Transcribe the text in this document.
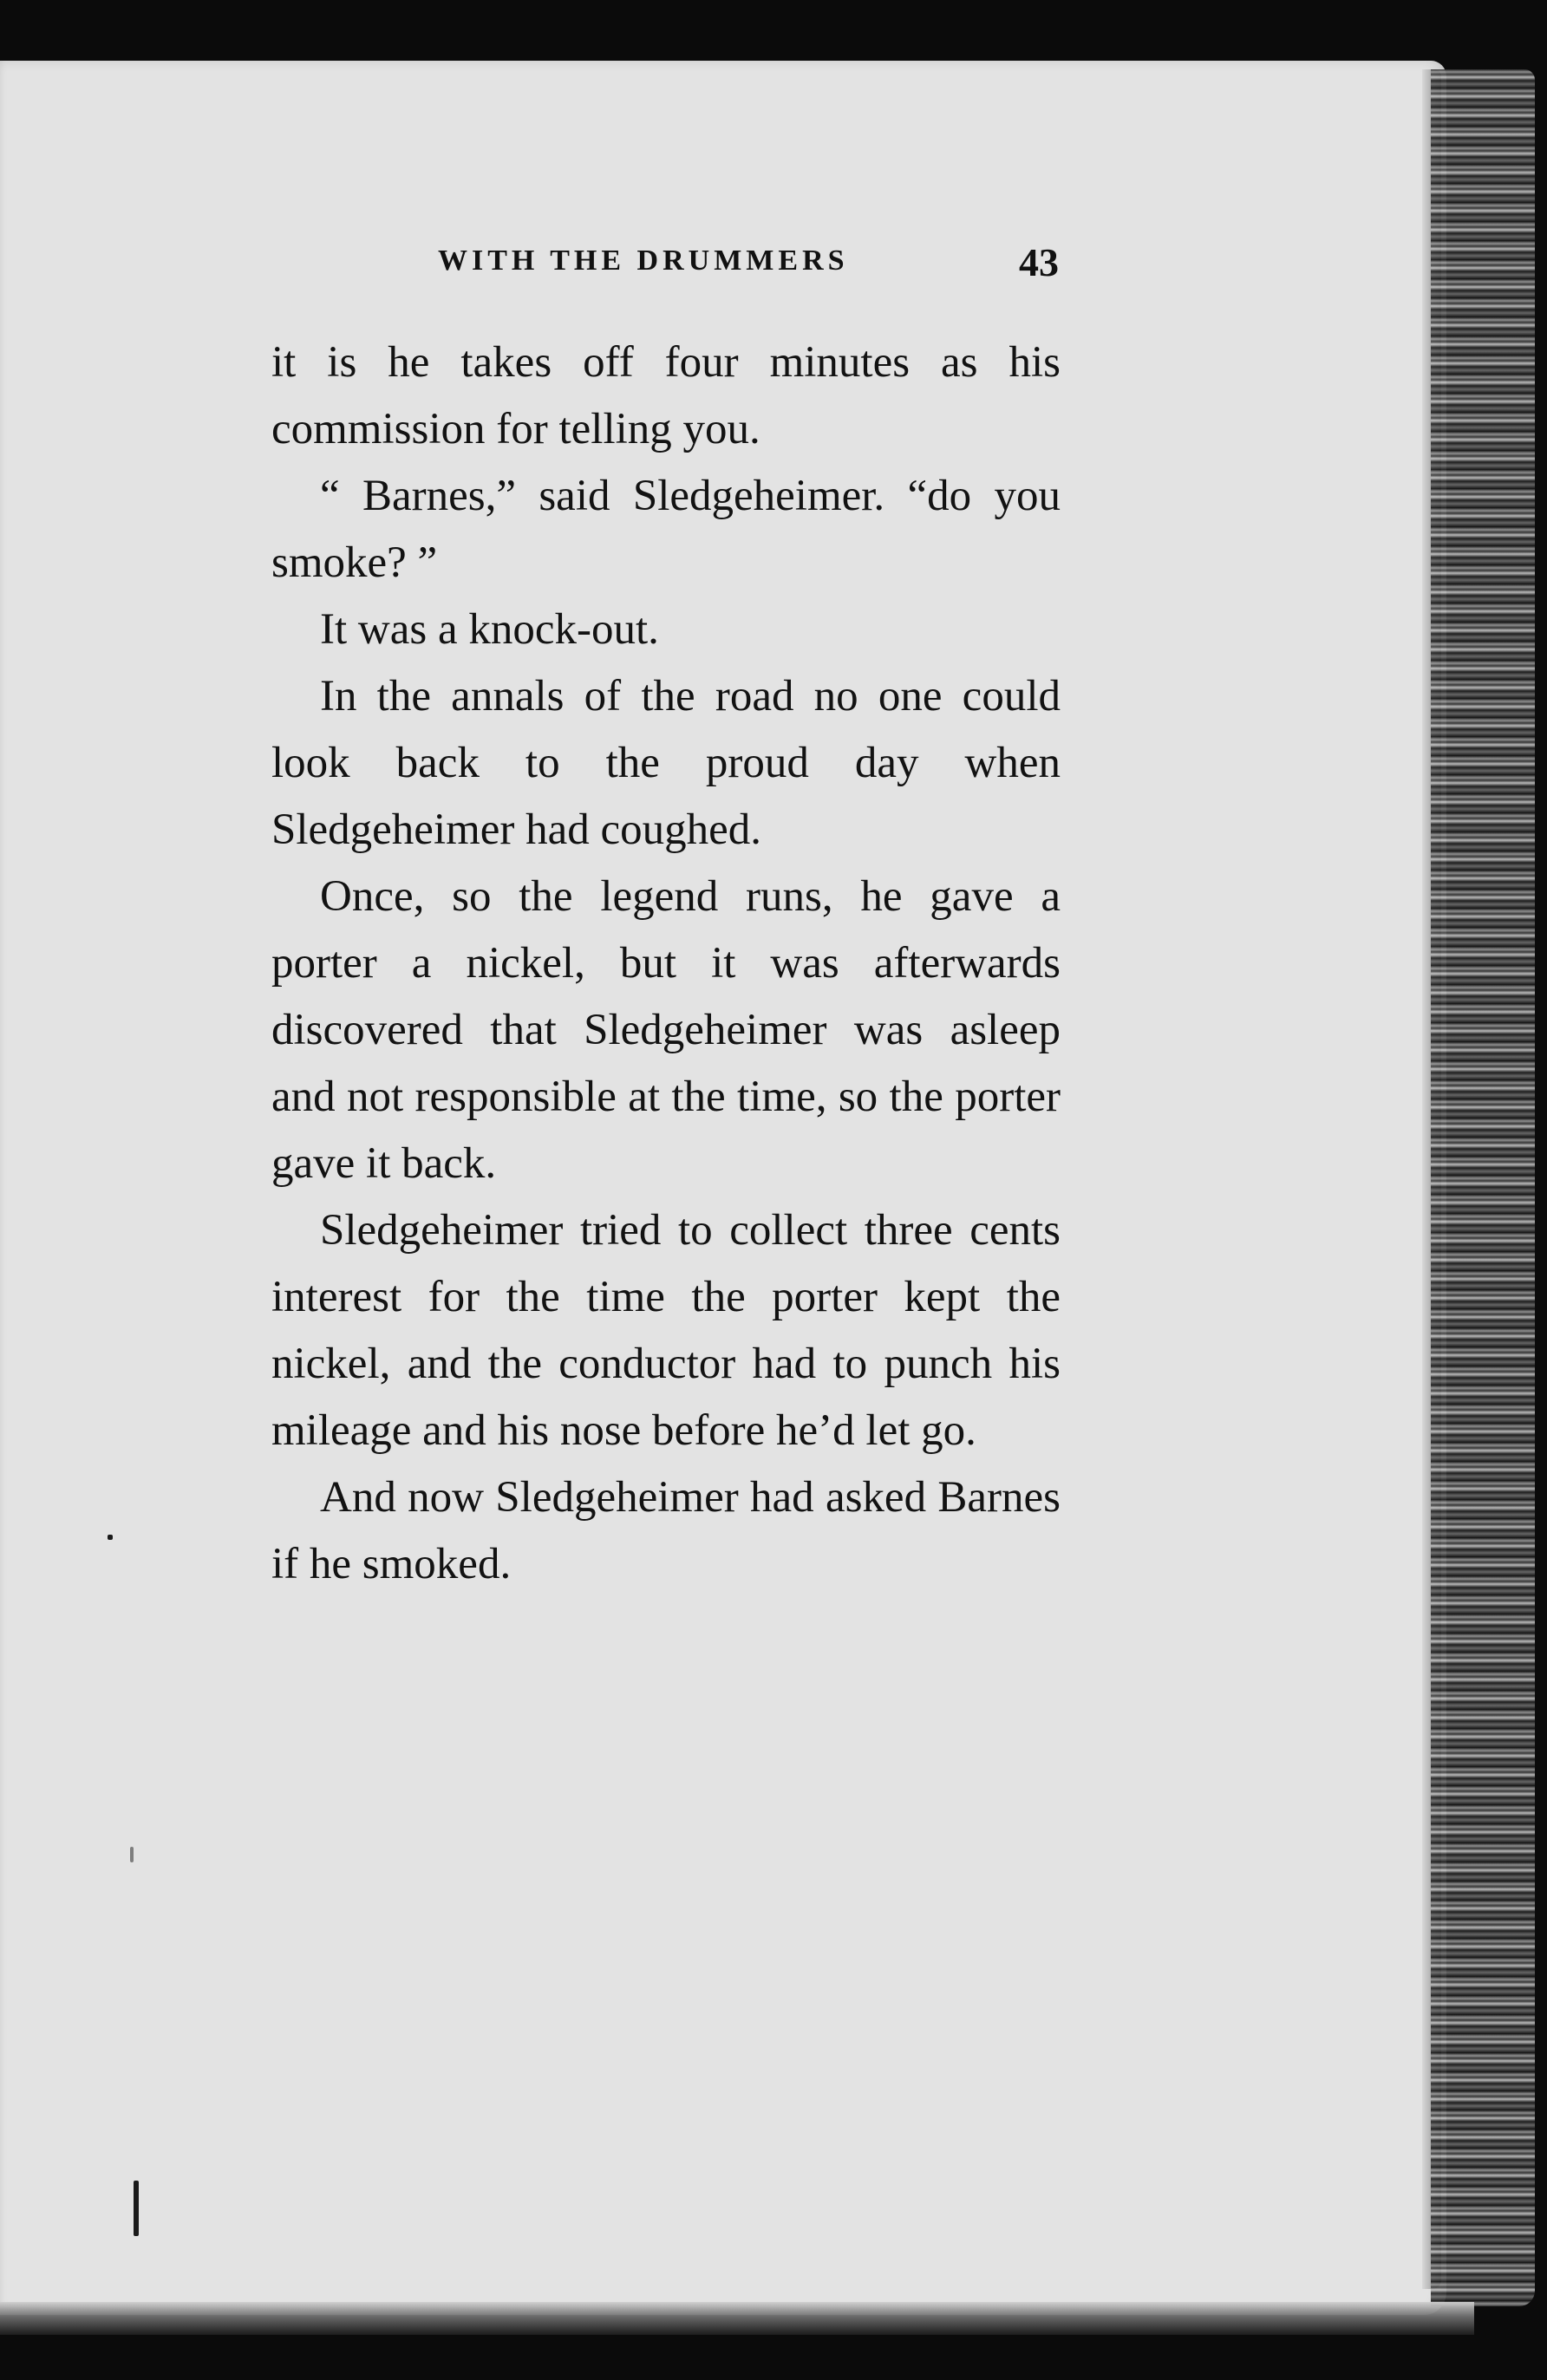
WITH THE DRUMMERS	43

it is he takes off four minutes as his commission for telling you.

“ Barnes,” said Sledgeheimer. “do you smoke? ”

It was a knock-out.

In the annals of the road no one could look back to the proud day when Sledgeheimer had coughed.

Once, so the legend runs, he gave a porter a nickel, but it was afterwards discovered that Sledgeheimer was asleep and not responsible at the time, so the porter gave it back.

Sledgeheimer tried to collect three cents interest for the time the porter kept the nickel, and the conductor had to punch his mileage and his nose before he’d let go.

And now Sledgeheimer had asked Barnes if he smoked.
